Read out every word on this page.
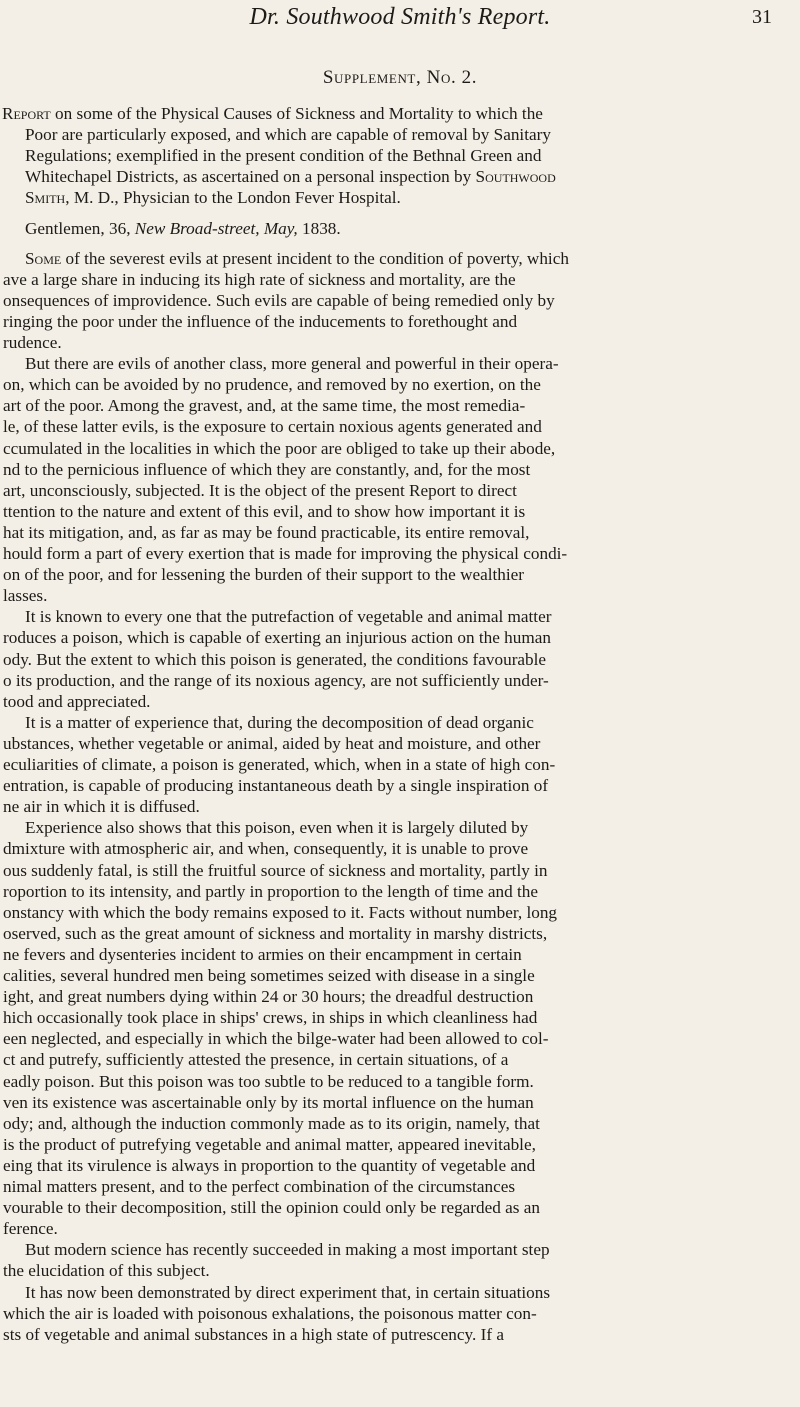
Dr. Southwood Smith's Report.	31
Supplement, No. 2.
Report on some of the Physical Causes of Sickness and Mortality to which the
Poor are particularly exposed, and which are capable of removal by Sanitary
Regulations; exemplified in the present condition of the Bethnal Green and
Whitechapel Districts, as ascertained on a personal inspection by Southwood
Smith, M. D., Physician to the London Fever Hospital.
Gentlemen, 36, New Broad-street, May, 1838.
Some of the severest evils at present incident to the condition of poverty, which
ave a large share in inducing its high rate of sickness and mortality, are the
onsequences of improvidence. Such evils are capable of being remedied only by
ringing the poor under the influence of the inducements to forethought and
rudence.
But there are evils of another class, more general and powerful in their opera-
on, which can be avoided by no prudence, and removed by no exertion, on the
art of the poor. Among the gravest, and, at the same time, the most remedia-
le, of these latter evils, is the exposure to certain noxious agents generated and
ccumulated in the localities in which the poor are obliged to take up their abode,
nd to the pernicious influence of which they are constantly, and, for the most
art, unconsciously, subjected. It is the object of the present Report to direct
ttention to the nature and extent of this evil, and to show how important it is
hat its mitigation, and, as far as may be found practicable, its entire removal,
hould form a part of every exertion that is made for improving the physical condi-
on of the poor, and for lessening the burden of their support to the wealthier
lasses.
It is known to every one that the putrefaction of vegetable and animal matter
roduces a poison, which is capable of exerting an injurious action on the human
ody. But the extent to which this poison is generated, the conditions favourable
o its production, and the range of its noxious agency, are not sufficiently under-
tood and appreciated.
It is a matter of experience that, during the decomposition of dead organic
ubstances, whether vegetable or animal, aided by heat and moisture, and other
eculiarities of climate, a poison is generated, which, when in a state of high con-
entration, is capable of producing instantaneous death by a single inspiration of
ne air in which it is diffused.
Experience also shows that this poison, even when it is largely diluted by
dmixture with atmospheric air, and when, consequently, it is unable to prove
ous suddenly fatal, is still the fruitful source of sickness and mortality, partly in
roportion to its intensity, and partly in proportion to the length of time and the
onstancy with which the body remains exposed to it. Facts without number, long
oserved, such as the great amount of sickness and mortality in marshy districts,
ne fevers and dysenteries incident to armies on their encampment in certain
calities, several hundred men being sometimes seized with disease in a single
ight, and great numbers dying within 24 or 30 hours; the dreadful destruction
hich occasionally took place in ships' crews, in ships in which cleanliness had
een neglected, and especially in which the bilge-water had been allowed to col-
ct and putrefy, sufficiently attested the presence, in certain situations, of a
eadly poison. But this poison was too subtle to be reduced to a tangible form.
ven its existence was ascertainable only by its mortal influence on the human
ody; and, although the induction commonly made as to its origin, namely, that
is the product of putrefying vegetable and animal matter, appeared inevitable,
eing that its virulence is always in proportion to the quantity of vegetable and
nimal matters present, and to the perfect combination of the circumstances
vourable to their decomposition, still the opinion could only be regarded as an
ference.
But modern science has recently succeeded in making a most important step
the elucidation of this subject.
It has now been demonstrated by direct experiment that, in certain situations
which the air is loaded with poisonous exhalations, the poisonous matter con-
sts of vegetable and animal substances in a high state of putrescency. If a
